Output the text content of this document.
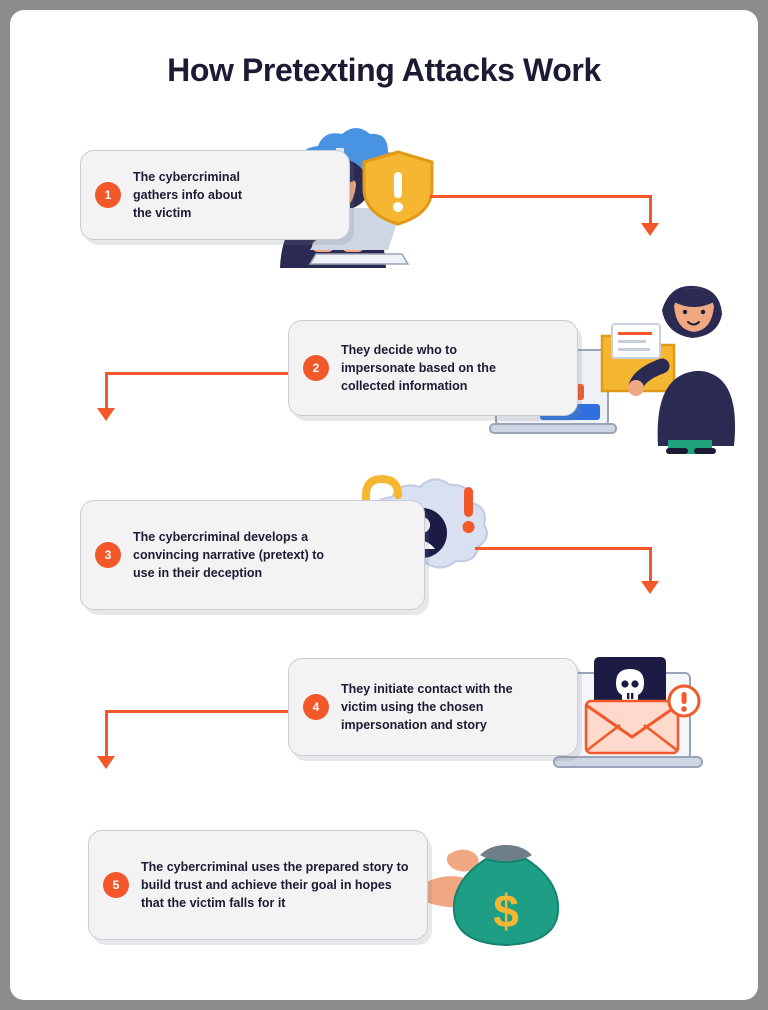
How Pretexting Attacks Work
1
The cybercriminal gathers info about the victim
2
They decide who to impersonate based on the collected information
3
The cybercriminal develops a convincing narrative (pretext) to use in their deception
4
They initiate contact with the victim using the chosen impersonation and story
$
5
The cybercriminal uses the prepared story to build trust and achieve their goal in hopes that the victim falls for it
